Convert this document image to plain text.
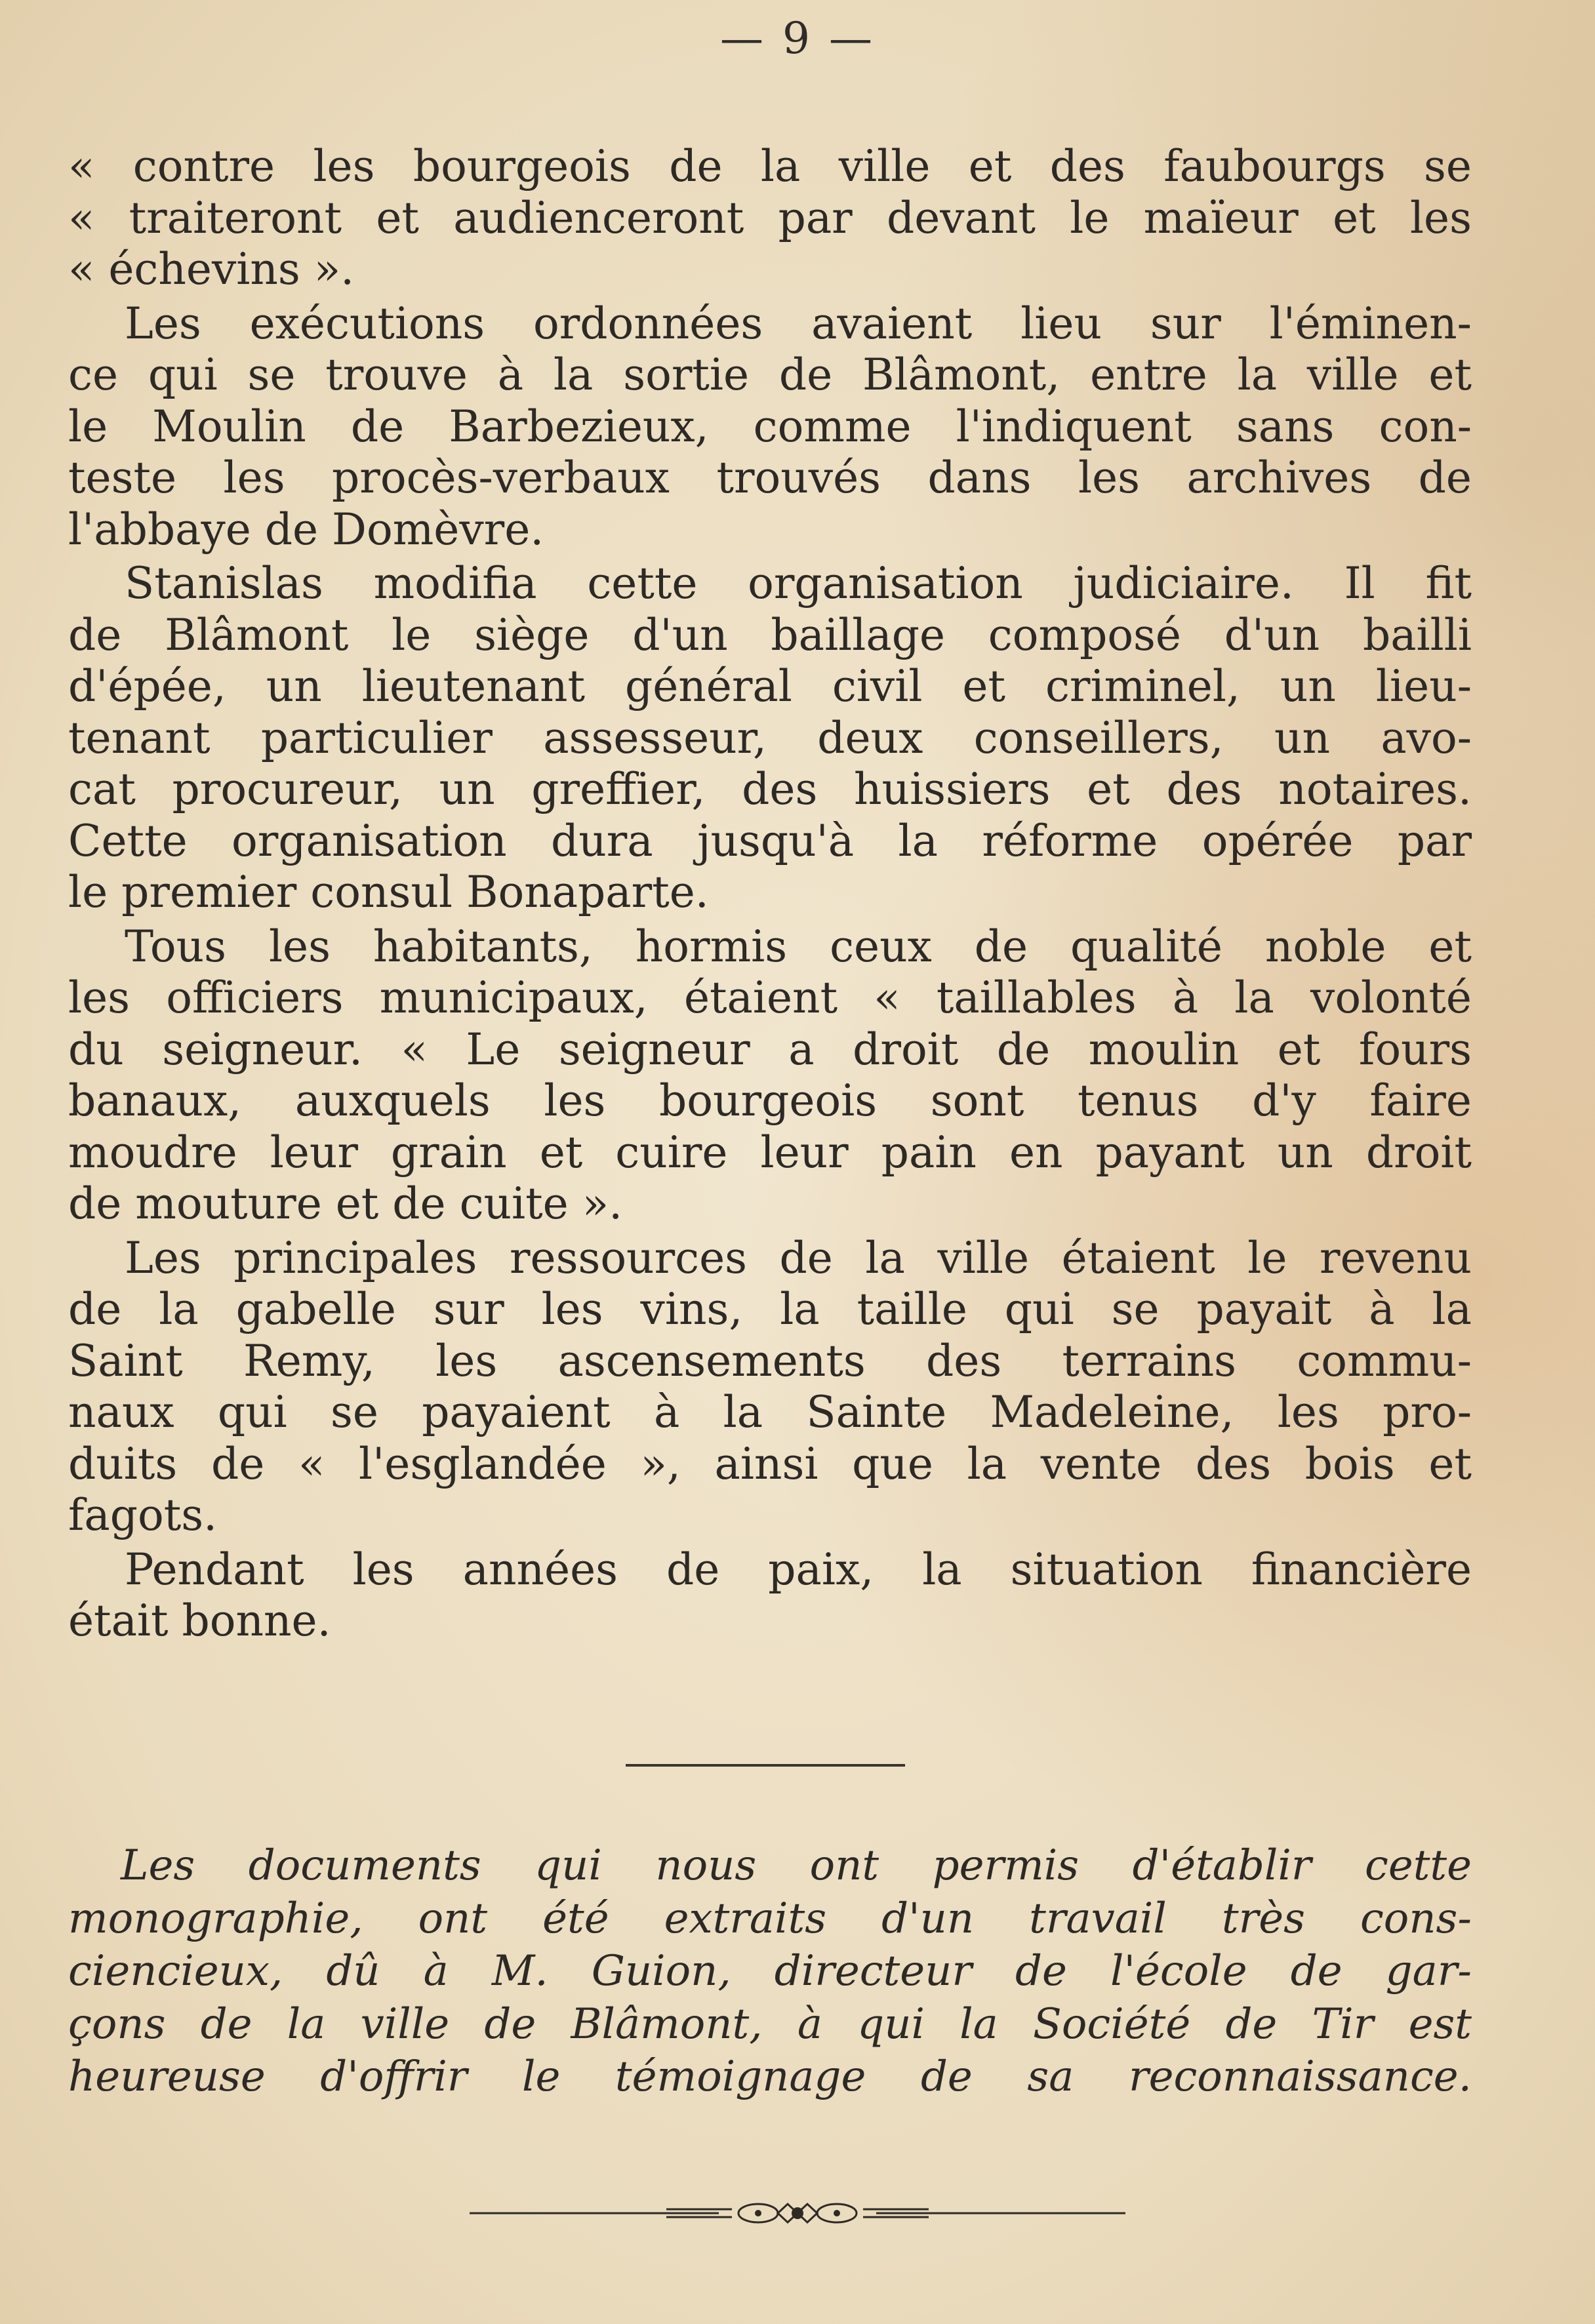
— 9 —

« contre les bourgeois de la ville et des faubourgs se
« traiteront et audienceront par devant le maïeur et les
« échevins ».

Les exécutions ordonnées avaient lieu sur l'éminen-
ce qui se trouve à la sortie de Blâmont, entre la ville et
le Moulin de Barbezieux, comme l'indiquent sans con-
teste les procès-verbaux trouvés dans les archives de
l'abbaye de Domèvre.

Stanislas modifia cette organisation judiciaire. Il fit
de Blâmont le siège d'un baillage composé d'un bailli
d'épée, un lieutenant général civil et criminel, un lieu-
tenant particulier assesseur, deux conseillers, un avo-
cat procureur, un greffier, des huissiers et des notaires.
Cette organisation dura jusqu'à la réforme opérée par
le premier consul Bonaparte.

Tous les habitants, hormis ceux de qualité noble et
les officiers municipaux, étaient « taillables à la volonté
du seigneur. « Le seigneur a droit de moulin et fours
banaux, auxquels les bourgeois sont tenus d'y faire
moudre leur grain et cuire leur pain en payant un droit
de mouture et de cuite ».

Les principales ressources de la ville étaient le revenu
de la gabelle sur les vins, la taille qui se payait à la
Saint Remy, les ascensements des terrains commu-
naux qui se payaient à la Sainte Madeleine, les pro-
duits de « l'esglandée », ainsi que la vente des bois et
fagots.

Pendant les années de paix, la situation financière
était bonne.

Les documents qui nous ont permis d'établir cette
monographie, ont été extraits d'un travail très cons-
ciencieux, dû à M. Guion, directeur de l'école de gar-
çons de la ville de Blâmont, à qui la Société de Tir est
heureuse d'offrir le témoignage de sa reconnaissance.
